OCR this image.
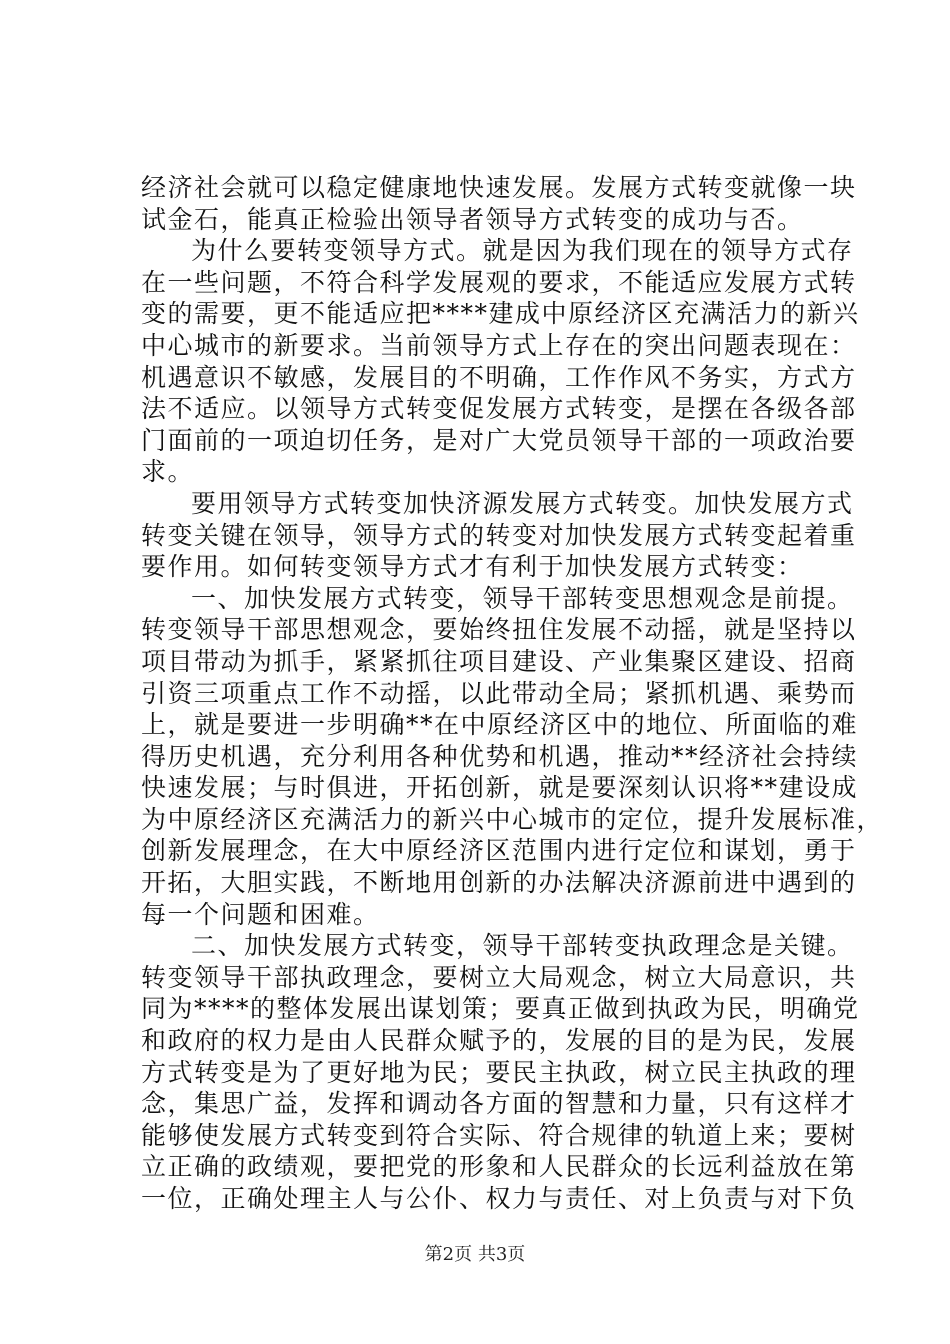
经济社会就可以稳定健康地快速发展。发展方式转变就像一块
试金石，能真正检验出领导者领导方式转变的成功与否。
为什么要转变领导方式。就是因为我们现在的领导方式存
在一些问题，不符合科学发展观的要求，不能适应发展方式转
变的需要，更不能适应把****建成中原经济区充满活力的新兴
中心城市的新要求。当前领导方式上存在的突出问题表现在：
机遇意识不敏感，发展目的不明确，工作作风不务实，方式方
法不适应。以领导方式转变促发展方式转变，是摆在各级各部
门面前的一项迫切任务，是对广大党员领导干部的一项政治要
求。
要用领导方式转变加快济源发展方式转变。加快发展方式
转变关键在领导，领导方式的转变对加快发展方式转变起着重
要作用。如何转变领导方式才有利于加快发展方式转变：
一、加快发展方式转变，领导干部转变思想观念是前提。
转变领导干部思想观念，要始终扭住发展不动摇，就是坚持以
项目带动为抓手，紧紧抓往项目建设、产业集聚区建设、招商
引资三项重点工作不动摇，以此带动全局；紧抓机遇、乘势而
上，就是要进一步明确**在中原经济区中的地位、所面临的难
得历史机遇，充分利用各种优势和机遇，推动**经济社会持续
快速发展；与时俱进，开拓创新，就是要深刻认识将**建设成
为中原经济区充满活力的新兴中心城市的定位，提升发展标准，
创新发展理念，在大中原经济区范围内进行定位和谋划，勇于
开拓，大胆实践，不断地用创新的办法解决济源前进中遇到的
每一个问题和困难。
二、加快发展方式转变，领导干部转变执政理念是关键。
转变领导干部执政理念，要树立大局观念，树立大局意识，共
同为****的整体发展出谋划策；要真正做到执政为民，明确党
和政府的权力是由人民群众赋予的，发展的目的是为民，发展
方式转变是为了更好地为民；要民主执政，树立民主执政的理
念，集思广益，发挥和调动各方面的智慧和力量，只有这样才
能够使发展方式转变到符合实际、符合规律的轨道上来；要树
立正确的政绩观，要把党的形象和人民群众的长远利益放在第
一位，正确处理主人与公仆、权力与责任、对上负责与对下负
第2页 共3页
